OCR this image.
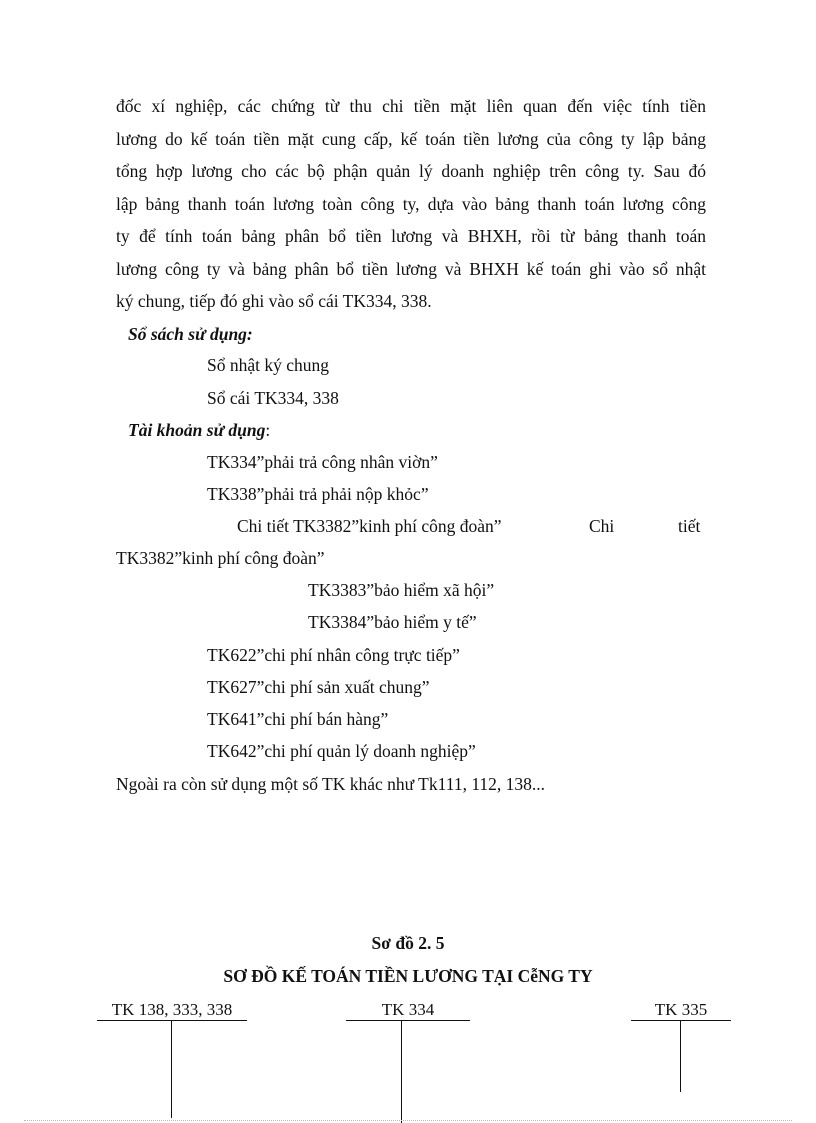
đốc xí nghiệp, các chứng từ thu chi tiền mặt liên quan đến việc tính tiền
lương do kế toán tiền mặt cung cấp, kế toán tiền lương của công ty lập bảng
tổng hợp lương cho các bộ phận quản lý doanh nghiệp trên công ty. Sau đó
lập bảng thanh toán lương toàn công ty, dựa vào bảng thanh toán lương công
ty để tính toán bảng phân bổ tiền lương và BHXH, rồi từ bảng thanh toán
lương công ty và bảng phân bổ tiền lương và BHXH kế toán ghi vào sổ nhật
ký chung, tiếp đó ghi vào sổ cái TK334, 338.
Sổ sách sử dụng:
Sổ nhật ký chung
Sổ cái TK334, 338
Tài khoản sử dụng:
TK334”phải trả công nhân viờn”
TK338”phải trả phải nộp khỏc”
Chi tiết TK3382”kinh phí công đoàn”	Chi	tiết
TK3382”kinh phí công đoàn”
TK3383”bảo hiểm xã hội”
TK3384”bảo hiểm y tế”
TK622”chi phí nhân công trực tiếp”
TK627”chi phí sản xuất chung”
TK641”chi phí bán hàng”
TK642”chi phí quản lý doanh nghiệp”
Ngoài ra còn sử dụng một số TK khác như Tk111, 112, 138...
Sơ đồ 2. 5
SƠ ĐỒ KẾ TOÁN TIỀN LƯƠNG TẠI CễNG TY
TK 138, 333, 338	TK 334	TK 335
